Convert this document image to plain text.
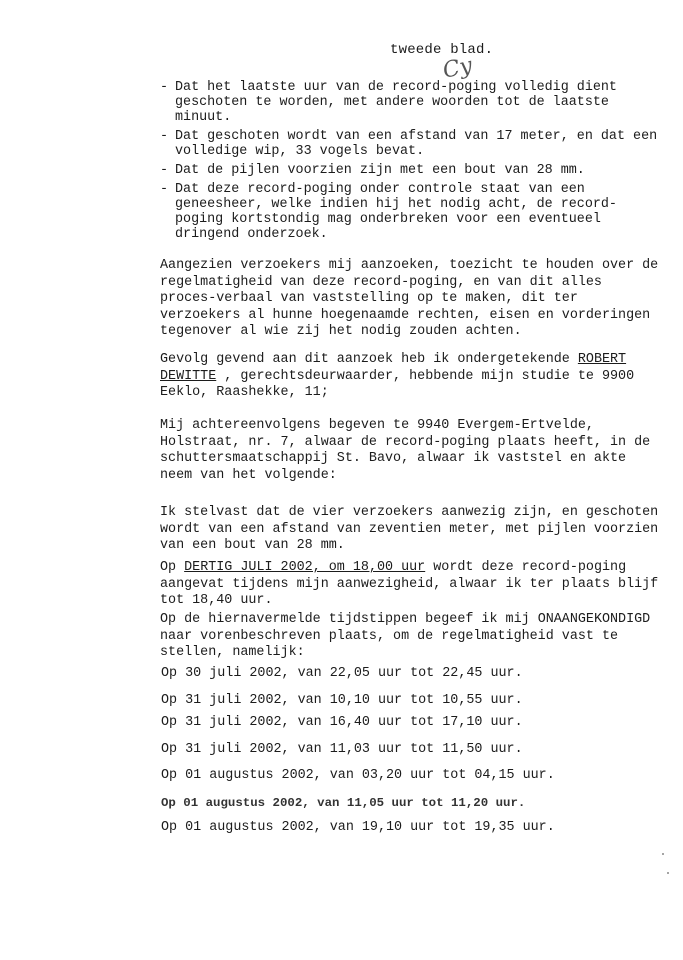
tweede blad.
Cy
- Dat het laatste uur van de record-poging volledig dient geschoten te worden, met andere woorden tot de laatste minuut.
- Dat geschoten wordt van een afstand van 17 meter, en dat een volledige wip, 33 vogels bevat.
- Dat de pijlen voorzien zijn met een bout van 28 mm.
- Dat deze record-poging onder controle staat van een geneesheer, welke indien hij het nodig acht, de record-poging kortstondig mag onderbreken voor een eventueel dringend onderzoek.

Aangezien verzoekers mij aanzoeken, toezicht te houden over de regelmatigheid van deze record-poging, en van dit alles proces-verbaal van vaststelling op te maken, dit ter verzoekers al hunne hoegenaamde rechten, eisen en vorderingen tegenover al wie zij het nodig zouden achten.

Gevolg gevend aan dit aanzoek heb ik ondergetekende ROBERT DEWITTE , gerechtsdeurwaarder, hebbende mijn studie te 9900 Eeklo, Raashekke, 11;

Mij achtereenvolgens begeven te 9940 Evergem-Ertvelde, Holstraat, nr. 7, alwaar de record-poging plaats heeft, in de schuttersmaatschappij St. Bavo, alwaar ik vaststel en akte neem van het volgende:

Ik stelvast dat de vier verzoekers aanwezig zijn, en geschoten wordt van een afstand van zeventien meter, met pijlen voorzien van een bout van 28 mm.

Op DERTIG JULI 2002, om 18,00 uur wordt deze record-poging aangevat tijdens mijn aanwezigheid, alwaar ik ter plaats blijf tot 18,40 uur.

Op de hiernavermelde tijdstippen begeef ik mij ONAANGEKONDIGD naar vorenbeschreven plaats, om de regelmatigheid vast te stellen, namelijk:

Op 30 juli 2002, van 22,05 uur tot 22,45 uur.
Op 31 juli 2002, van 10,10 uur tot 10,55 uur.
Op 31 juli 2002, van 16,40 uur tot 17,10 uur.
Op 31 juli 2002, van 11,03 uur tot 11,50 uur.
Op 01 augustus 2002, van 03,20 uur tot 04,15 uur.
Op 01 augustus 2002, van 11,05 uur tot 11,20 uur.
Op 01 augustus 2002, van 19,10 uur tot 19,35 uur.
